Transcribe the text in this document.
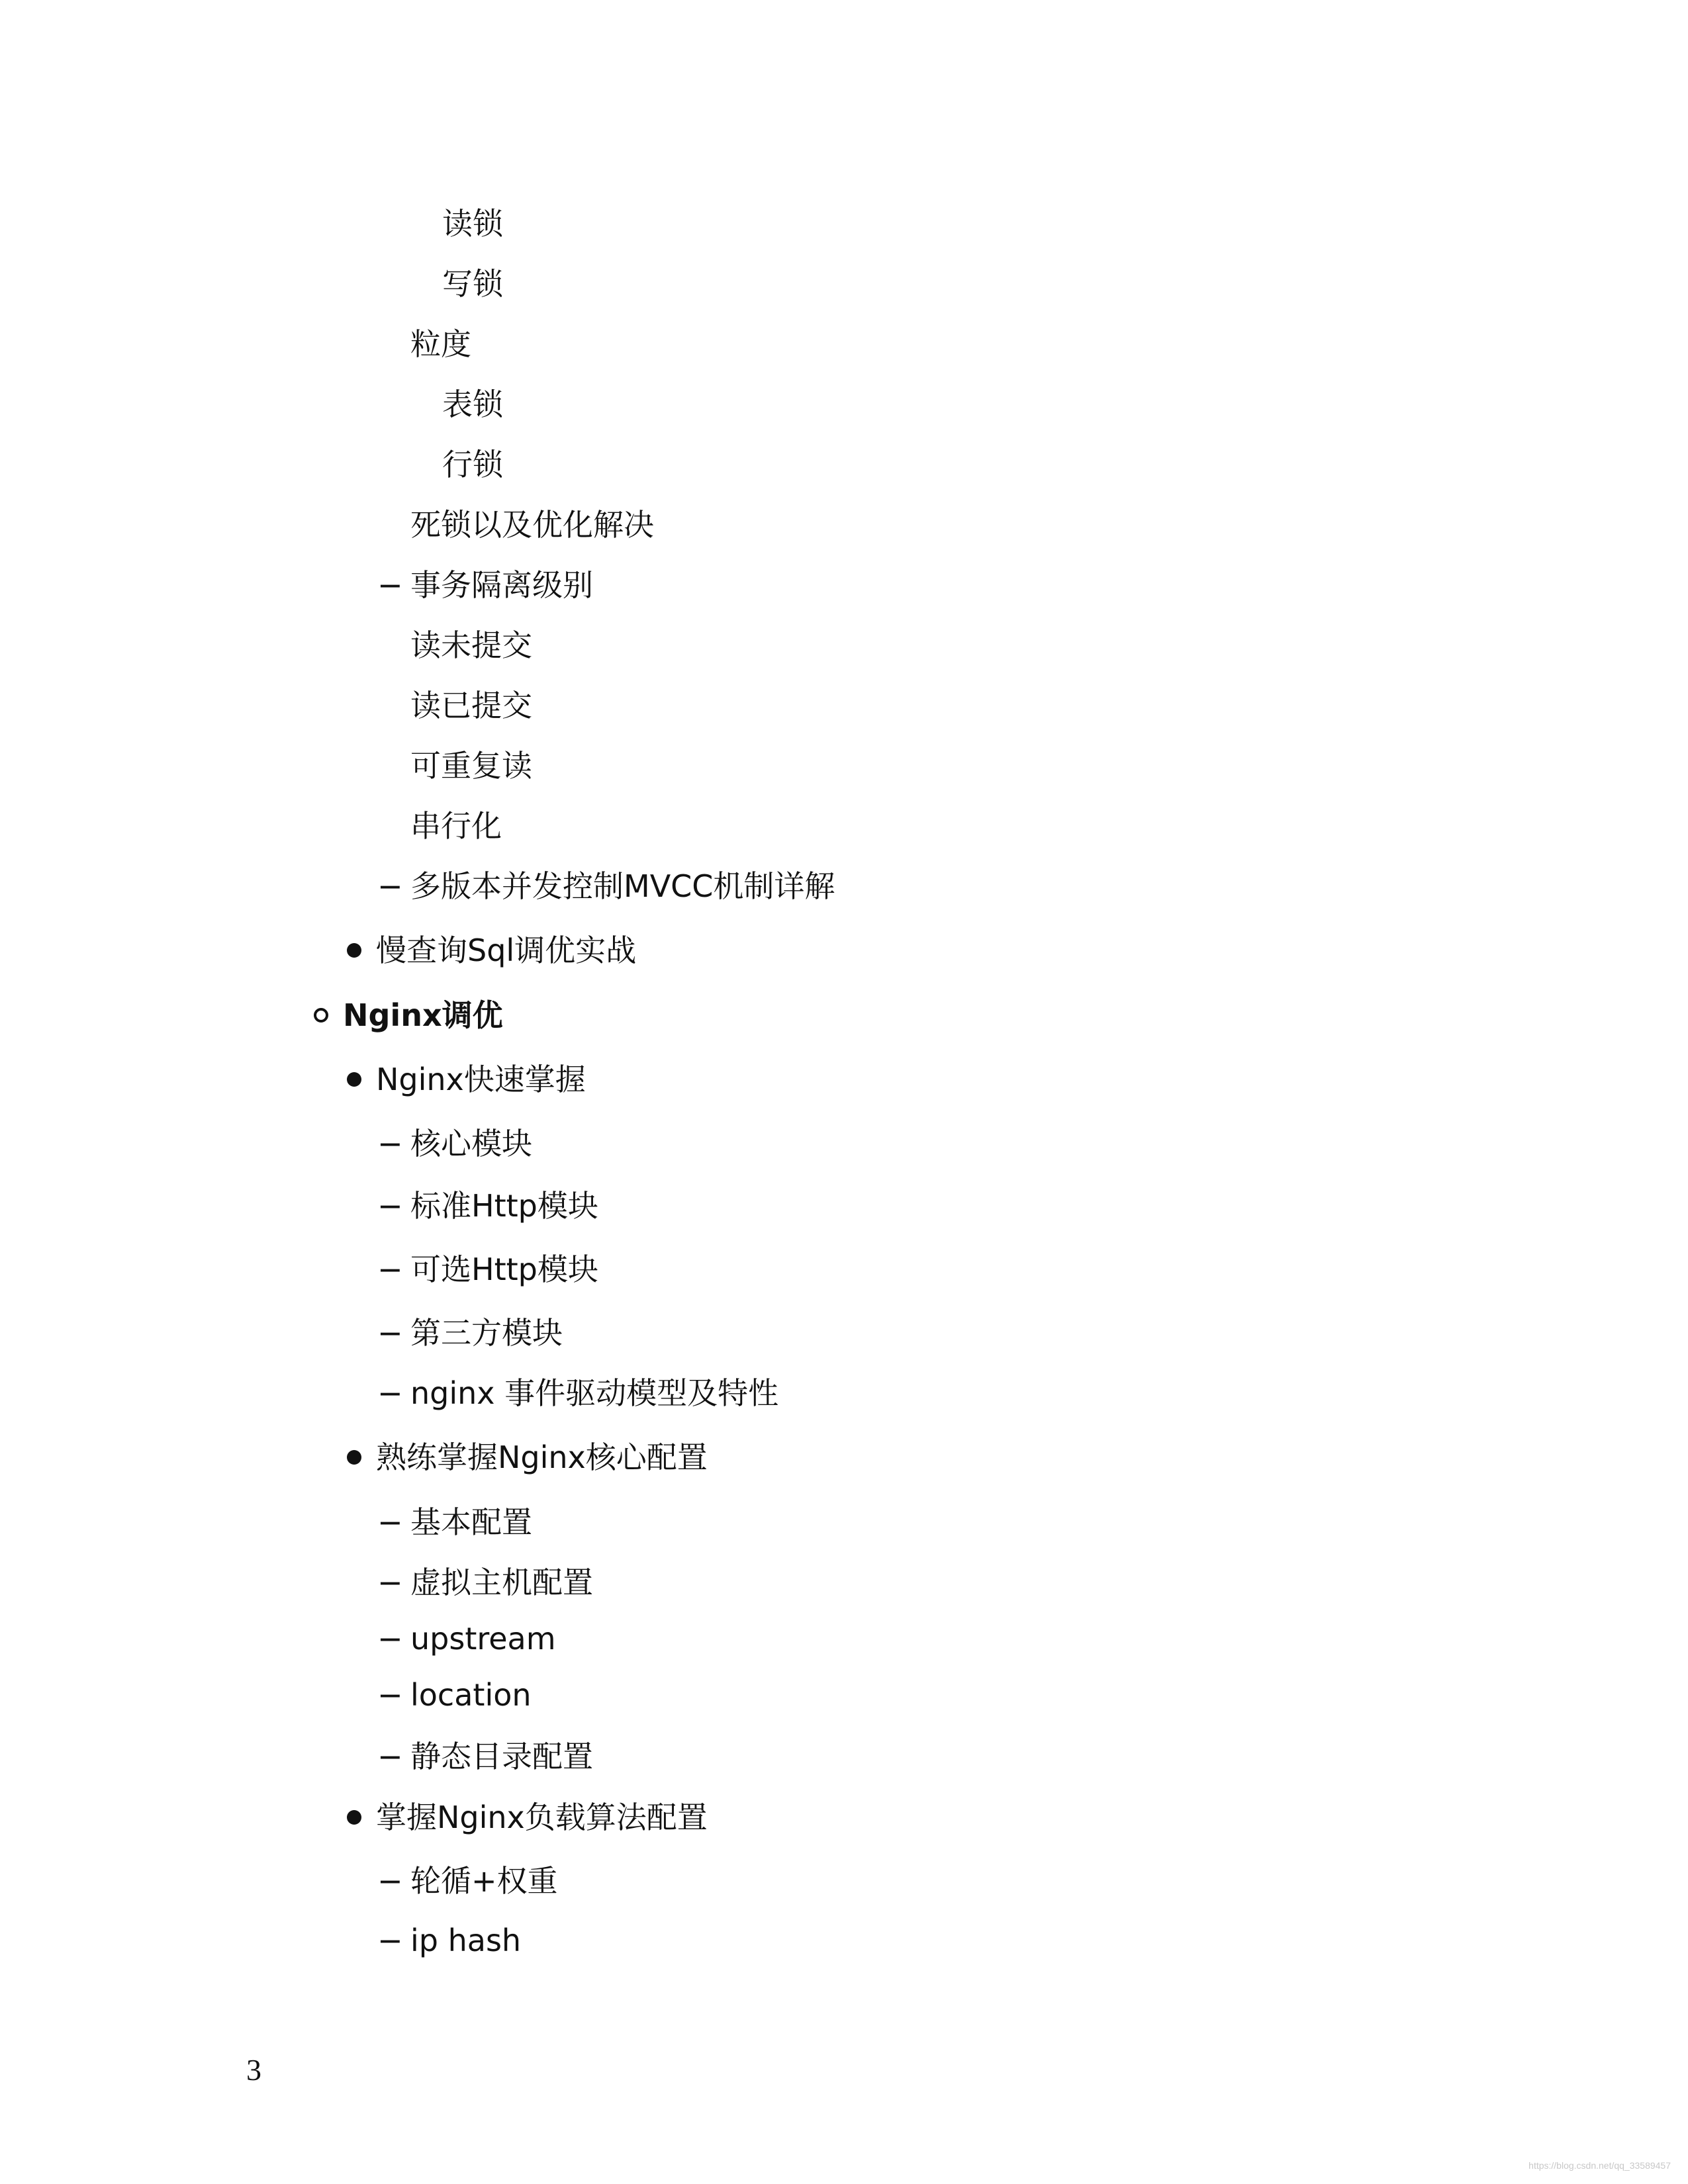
读锁
写锁
粒度
表锁
行锁
死锁以及优化解决
− 事务隔离级别
读未提交
读已提交
可重复读
串行化
− 多版本并发控制MVCC机制详解
慢查询Sql调优实战
Nginx调优
Nginx快速掌握
− 核心模块
− 标准Http模块
− 可选Http模块
− 第三方模块
− nginx 事件驱动模型及特性
熟练掌握Nginx核心配置
− 基本配置
− 虚拟主机配置
− upstream
− location
− 静态目录配置
掌握Nginx负载算法配置
− 轮循+权重
− ip hash
3
https://blog.csdn.net/qq_33589457
